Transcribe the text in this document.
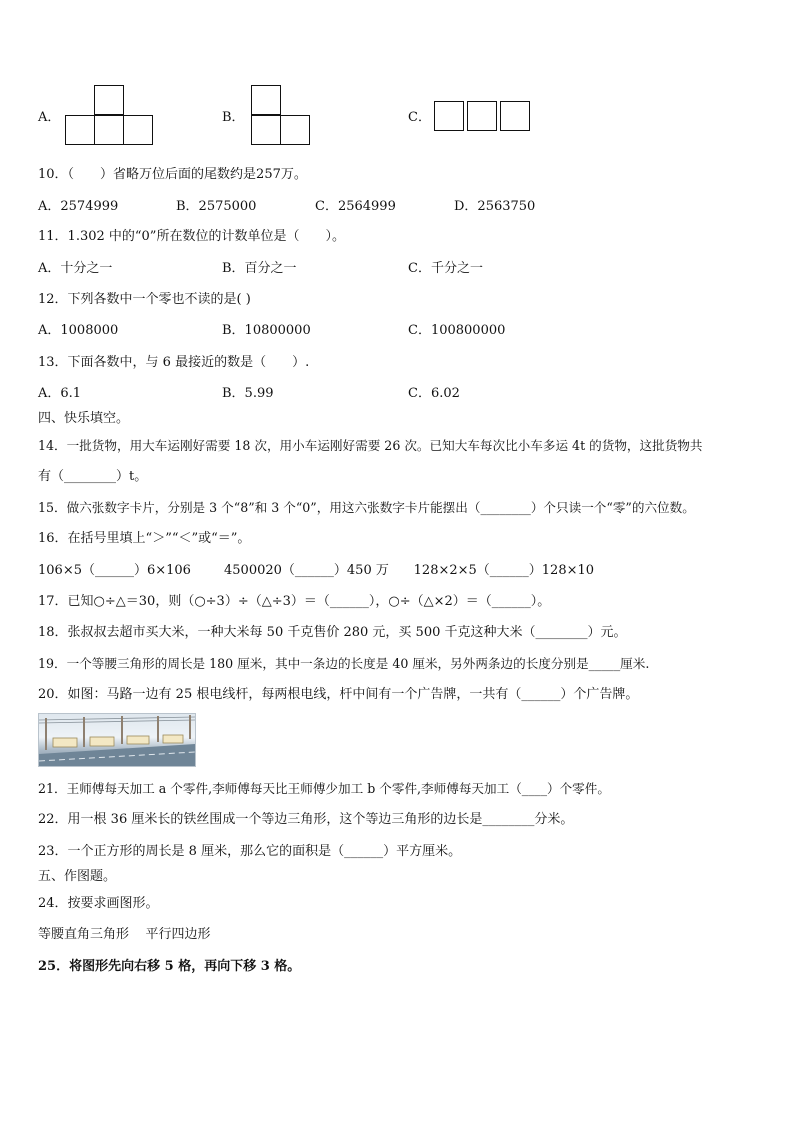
A．	B．	C．
10．（　　）省略万位后面的尾数约是257万。
A．2574999	B．2575000	C．2564999	D．2563750
11．1.302 中的“0”所在数位的计数单位是（　　）。
A．十分之一	B．百分之一	C．千分之一
12．下列各数中一个零也不读的是( )
A．1008000	B．10800000	C．100800000
13．下面各数中，与 6 最接近的数是（　　）.
A．6.1	B．5.99	C．6.02
四、快乐填空。
14．一批货物，用大车运刚好需要 18 次，用小车运刚好需要 26 次。已知大车每次比小车多运 4t 的货物，这批货物共
有（________）t。
15．做六张数字卡片，分别是 3 个“8”和 3 个“0”，用这六张数字卡片能摆出（________）个只读一个“零”的六位数。
16．在括号里填上“＞”“＜”或“＝”。
106×5（______）6×106        4500020（______）450 万      128×2×5（______）128×10
17．已知○÷△＝30，则（○÷3）÷（△÷3）＝（______），○÷（△×2）＝（______）。
18．张叔叔去超市买大米，一种大米每 50 千克售价 280 元，买 500 千克这种大米（________）元。
19．一个等腰三角形的周长是 180 厘米，其中一条边的长度是 40 厘米，另外两条边的长度分别是_____厘米.
20．如图：马路一边有 25 根电线杆，每两根电线，杆中间有一个广告牌，一共有（______）个广告牌。
21．王师傅每天加工 a 个零件,李师傅每天比王师傅少加工 b 个零件,李师傅每天加工（____）个零件。
22．用一根 36 厘米长的铁丝围成一个等边三角形，这个等边三角形的边长是________分米。
23．一个正方形的周长是 8 厘米，那么它的面积是（______）平方厘米。
五、作图题。
24．按要求画图形。
等腰直角三角形    平行四边形
25．将图形先向右移 5 格，再向下移 3 格。
